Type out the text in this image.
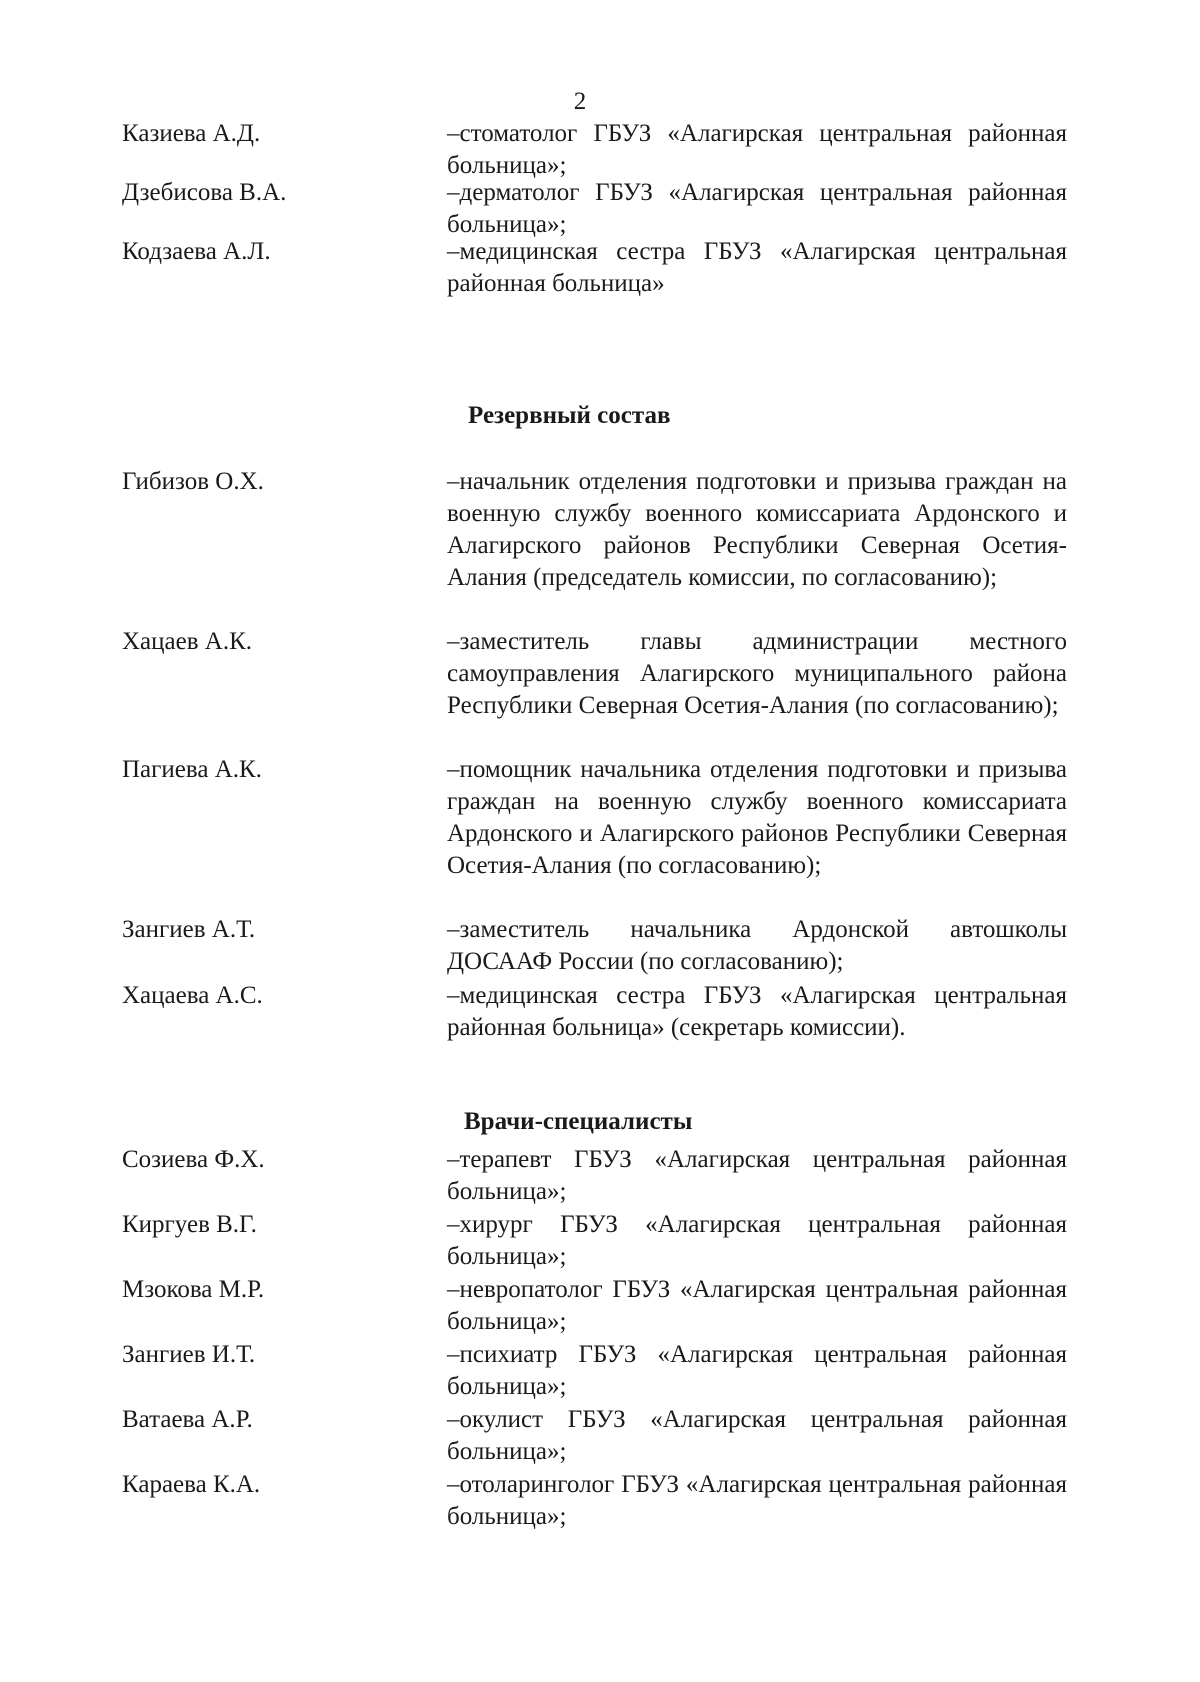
2
Казиева А.Д.	–стоматолог ГБУЗ «Алагирская центральная районная больница»;
Дзебисова В.А.	–дерматолог ГБУЗ «Алагирская центральная районная больница»;
Кодзаева А.Л.	–медицинская сестра ГБУЗ «Алагирская центральная районная больница»
Резервный состав
Гибизов О.Х.	–начальник отделения подготовки и призыва граждан на военную службу военного комиссариата Ардонского и Алагирского районов Республики Северная Осетия-Алания (председатель комиссии, по согласованию);
Хацаев А.К.	–заместитель главы администрации местного самоуправления Алагирского муниципального района Республики Северная Осетия-Алания (по согласованию);
Пагиева А.К.	–помощник начальника отделения подготовки и призыва граждан на военную службу военного комиссариата Ардонского и Алагирского районов Республики Северная Осетия-Алания (по согласованию);
Зангиев А.Т.	–заместитель начальника Ардонской автошколы ДОСААФ России (по согласованию);
Хацаева А.С.	–медицинская сестра ГБУЗ «Алагирская центральная районная больница» (секретарь комиссии).
Врачи-специалисты
Созиева Ф.Х.	–терапевт ГБУЗ «Алагирская центральная районная больница»;
Киргуев В.Г.	–хирург ГБУЗ «Алагирская центральная районная больница»;
Мзокова М.Р.	–невропатолог ГБУЗ «Алагирская центральная районная больница»;
Зангиев И.Т.	–психиатр ГБУЗ «Алагирская центральная районная больница»;
Ватаева А.Р.	–окулист ГБУЗ «Алагирская центральная районная больница»;
Караева К.А.	–отоларинголог ГБУЗ «Алагирская центральная районная больница»;
